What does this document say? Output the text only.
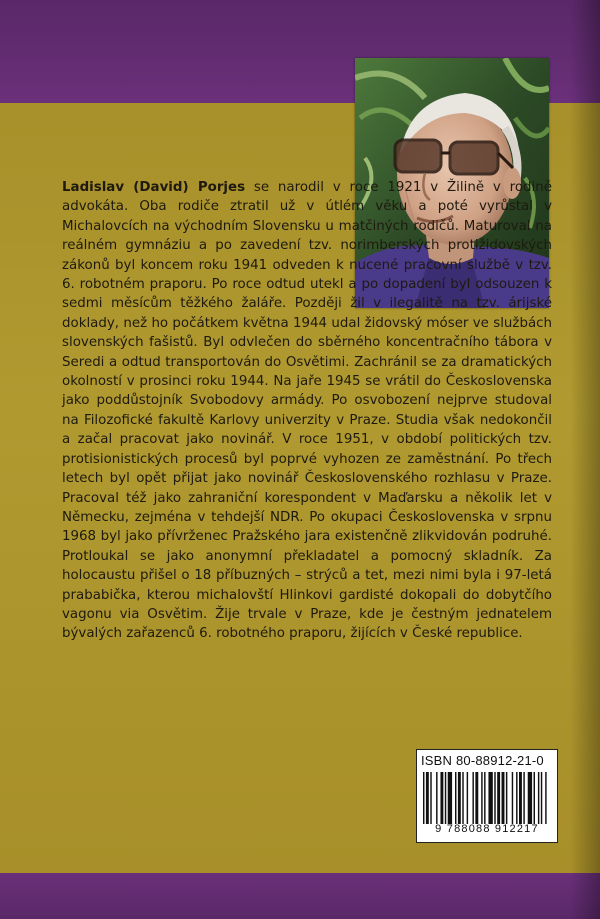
Ladislav (David) Porjes se narodil v roce 1921 v Žilině v rodině advokáta. Oba rodiče ztratil už v útlém věku a poté vyrůstal v Michalovcích na východním Slovensku u matčiných rodičů. Maturoval na reálném gymnáziu a po zavedení tzv. norimberských protižidovských zákonů byl koncem roku 1941 odveden k nucené pracovní službě v tzv. 6. robotném praporu. Po roce odtud utekl a po dopadení byl odsouzen k sedmi měsícům těžkého žaláře. Později žil v ilegalitě na tzv. árijské doklady, než ho počátkem května 1944 udal židovský móser ve službách slovenských fašistů. Byl odvlečen do sběrného koncentračního tábora v Seredi a odtud transportován do Osvětimi. Zachránil se za dramatických okolností v prosinci roku 1944. Na jaře 1945 se vrátil do Československa jako poddůstojník Svobodovy armády. Po osvobození nejprve studoval na Filozofické fakultě Karlovy univerzity v Praze. Studia však nedokončil a začal pracovat jako novinář. V roce 1951, v období politických tzv. protisionistických procesů byl poprvé vyhozen ze zaměstnání. Po třech letech byl opět přijat jako novinář Československého rozhlasu v Praze. Pracoval též jako zahraniční korespondent v Maďarsku a několik let v Německu, zejména v tehdejší NDR. Po okupaci Československa v srpnu 1968 byl jako přívrženec Pražského jara existenčně zlikvidován podruhé. Protloukal se jako anonymní překladatel a pomocný skladník. Za holocaustu přišel o 18 příbuzných – strýců a tet, mezi nimi byla i 97-letá prababička, kterou michalovští Hlinkovi gardisté dokopali do dobytčího vagonu via Osvětim. Žije trvale v Praze, kde je čestným jednatelem bývalých zařazenců 6. robotného praporu, žijících v České republice.

ISBN 80-88912-21-0
9 788088 912217
